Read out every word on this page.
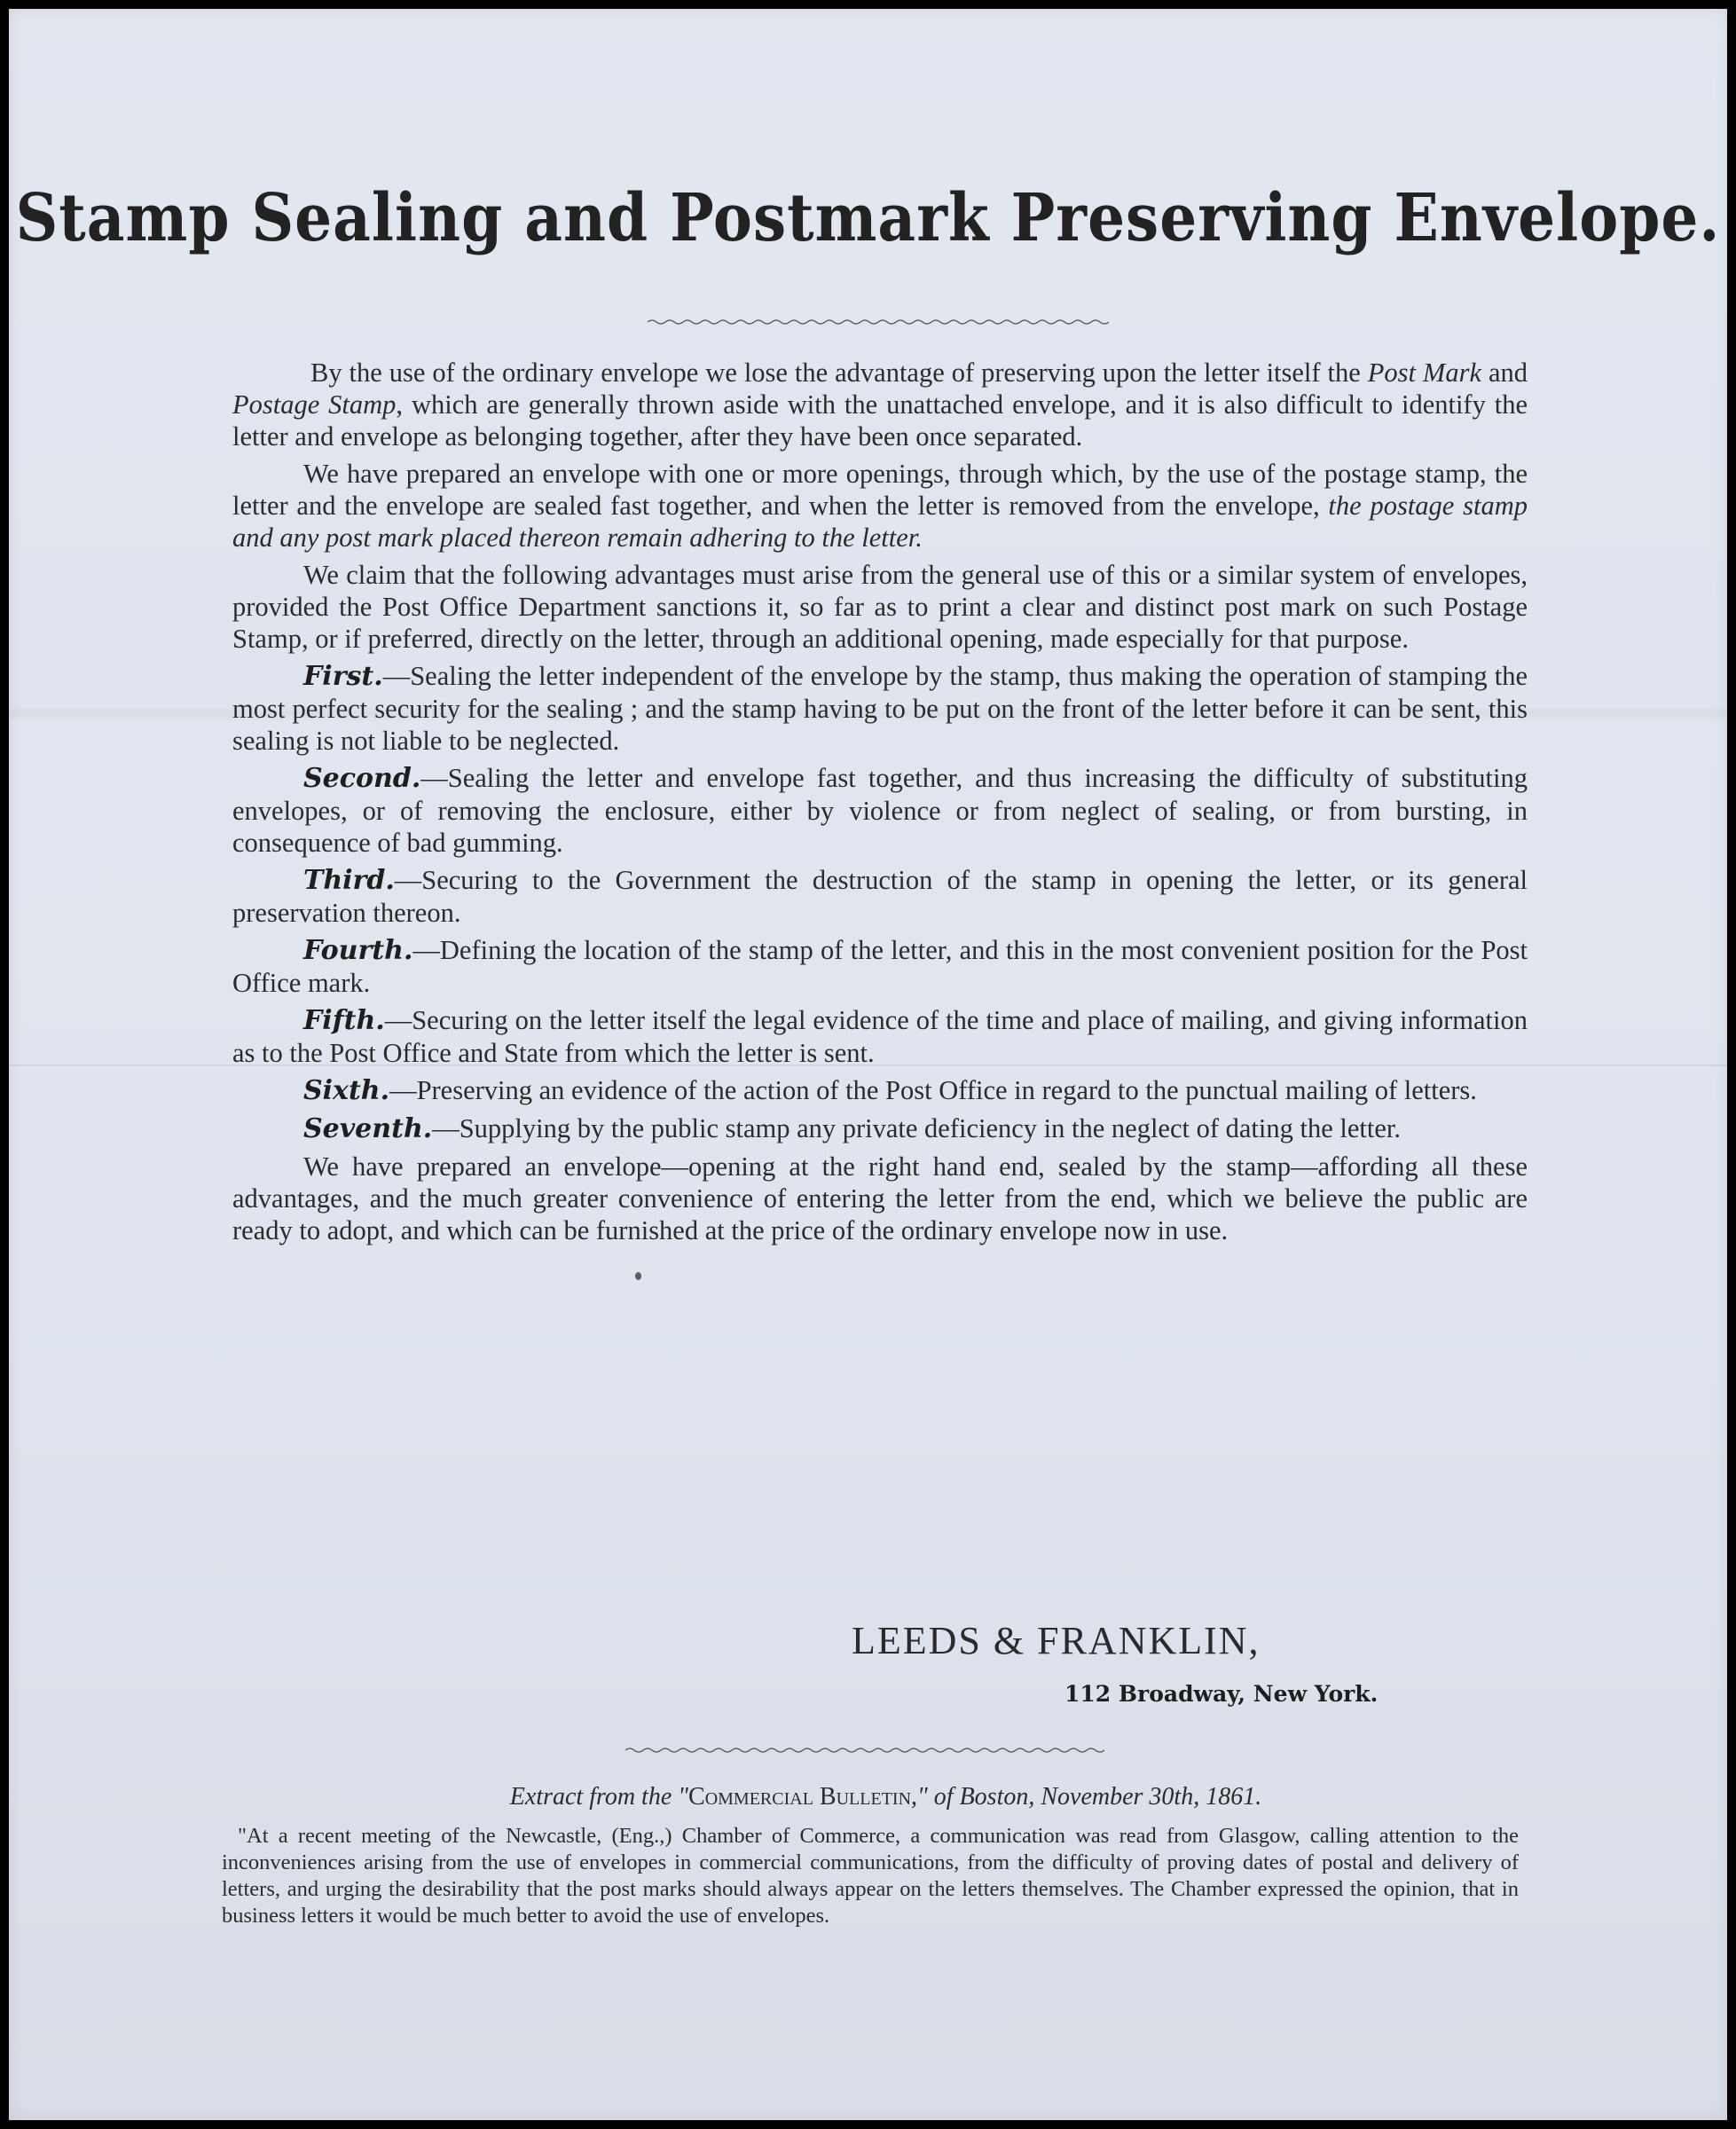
Stamp Sealing and Postmark Preserving Envelope.

By the use of the ordinary envelope we lose the advantage of preserving upon the letter itself the Post Mark and Postage Stamp, which are generally thrown aside with the unattached envelope, and it is also difficult to identify the letter and envelope as belonging together, after they have been once separated.

We have prepared an envelope with one or more openings, through which, by the use of the postage stamp, the letter and the envelope are sealed fast together, and when the letter is removed from the envelope, the postage stamp and any post mark placed thereon remain adhering to the letter.

We claim that the following advantages must arise from the general use of this or a similar system of envelopes, provided the Post Office Department sanctions it, so far as to print a clear and distinct post mark on such Postage Stamp, or if preferred, directly on the letter, through an additional opening, made especially for that purpose.

First.—Sealing the letter independent of the envelope by the stamp, thus making the operation of stamping the most perfect security for the sealing ; and the stamp having to be put on the front of the letter before it can be sent, this sealing is not liable to be neglected.

Second.—Sealing the letter and envelope fast together, and thus increasing the difficulty of substituting envelopes, or of removing the enclosure, either by violence or from neglect of sealing, or from bursting, in consequence of bad gumming.

Third.—Securing to the Government the destruction of the stamp in opening the letter, or its general preservation thereon.

Fourth.—Defining the location of the stamp of the letter, and this in the most convenient position for the Post Office mark.

Fifth.—Securing on the letter itself the legal evidence of the time and place of mailing, and giving information as to the Post Office and State from which the letter is sent.

Sixth.—Preserving an evidence of the action of the Post Office in regard to the punctual mailing of letters.

Seventh.—Supplying by the public stamp any private deficiency in the neglect of dating the letter.

We have prepared an envelope—opening at the right hand end, sealed by the stamp—affording all these advantages, and the much greater convenience of entering the letter from the end, which we believe the public are ready to adopt, and which can be furnished at the price of the ordinary envelope now in use.

LEEDS & FRANKLIN,
112 Broadway, New York.
Extract from the "Commercial Bulletin," of Boston, November 30th, 1861.

"At a recent meeting of the Newcastle, (Eng.,) Chamber of Commerce, a communication was read from Glasgow, calling attention to the inconveniences arising from the use of envelopes in commercial communications, from the difficulty of proving dates of postal and delivery of letters, and urging the desirability that the post marks should always appear on the letters themselves. The Chamber expressed the opinion, that in business letters it would be much better to avoid the use of envelopes.
